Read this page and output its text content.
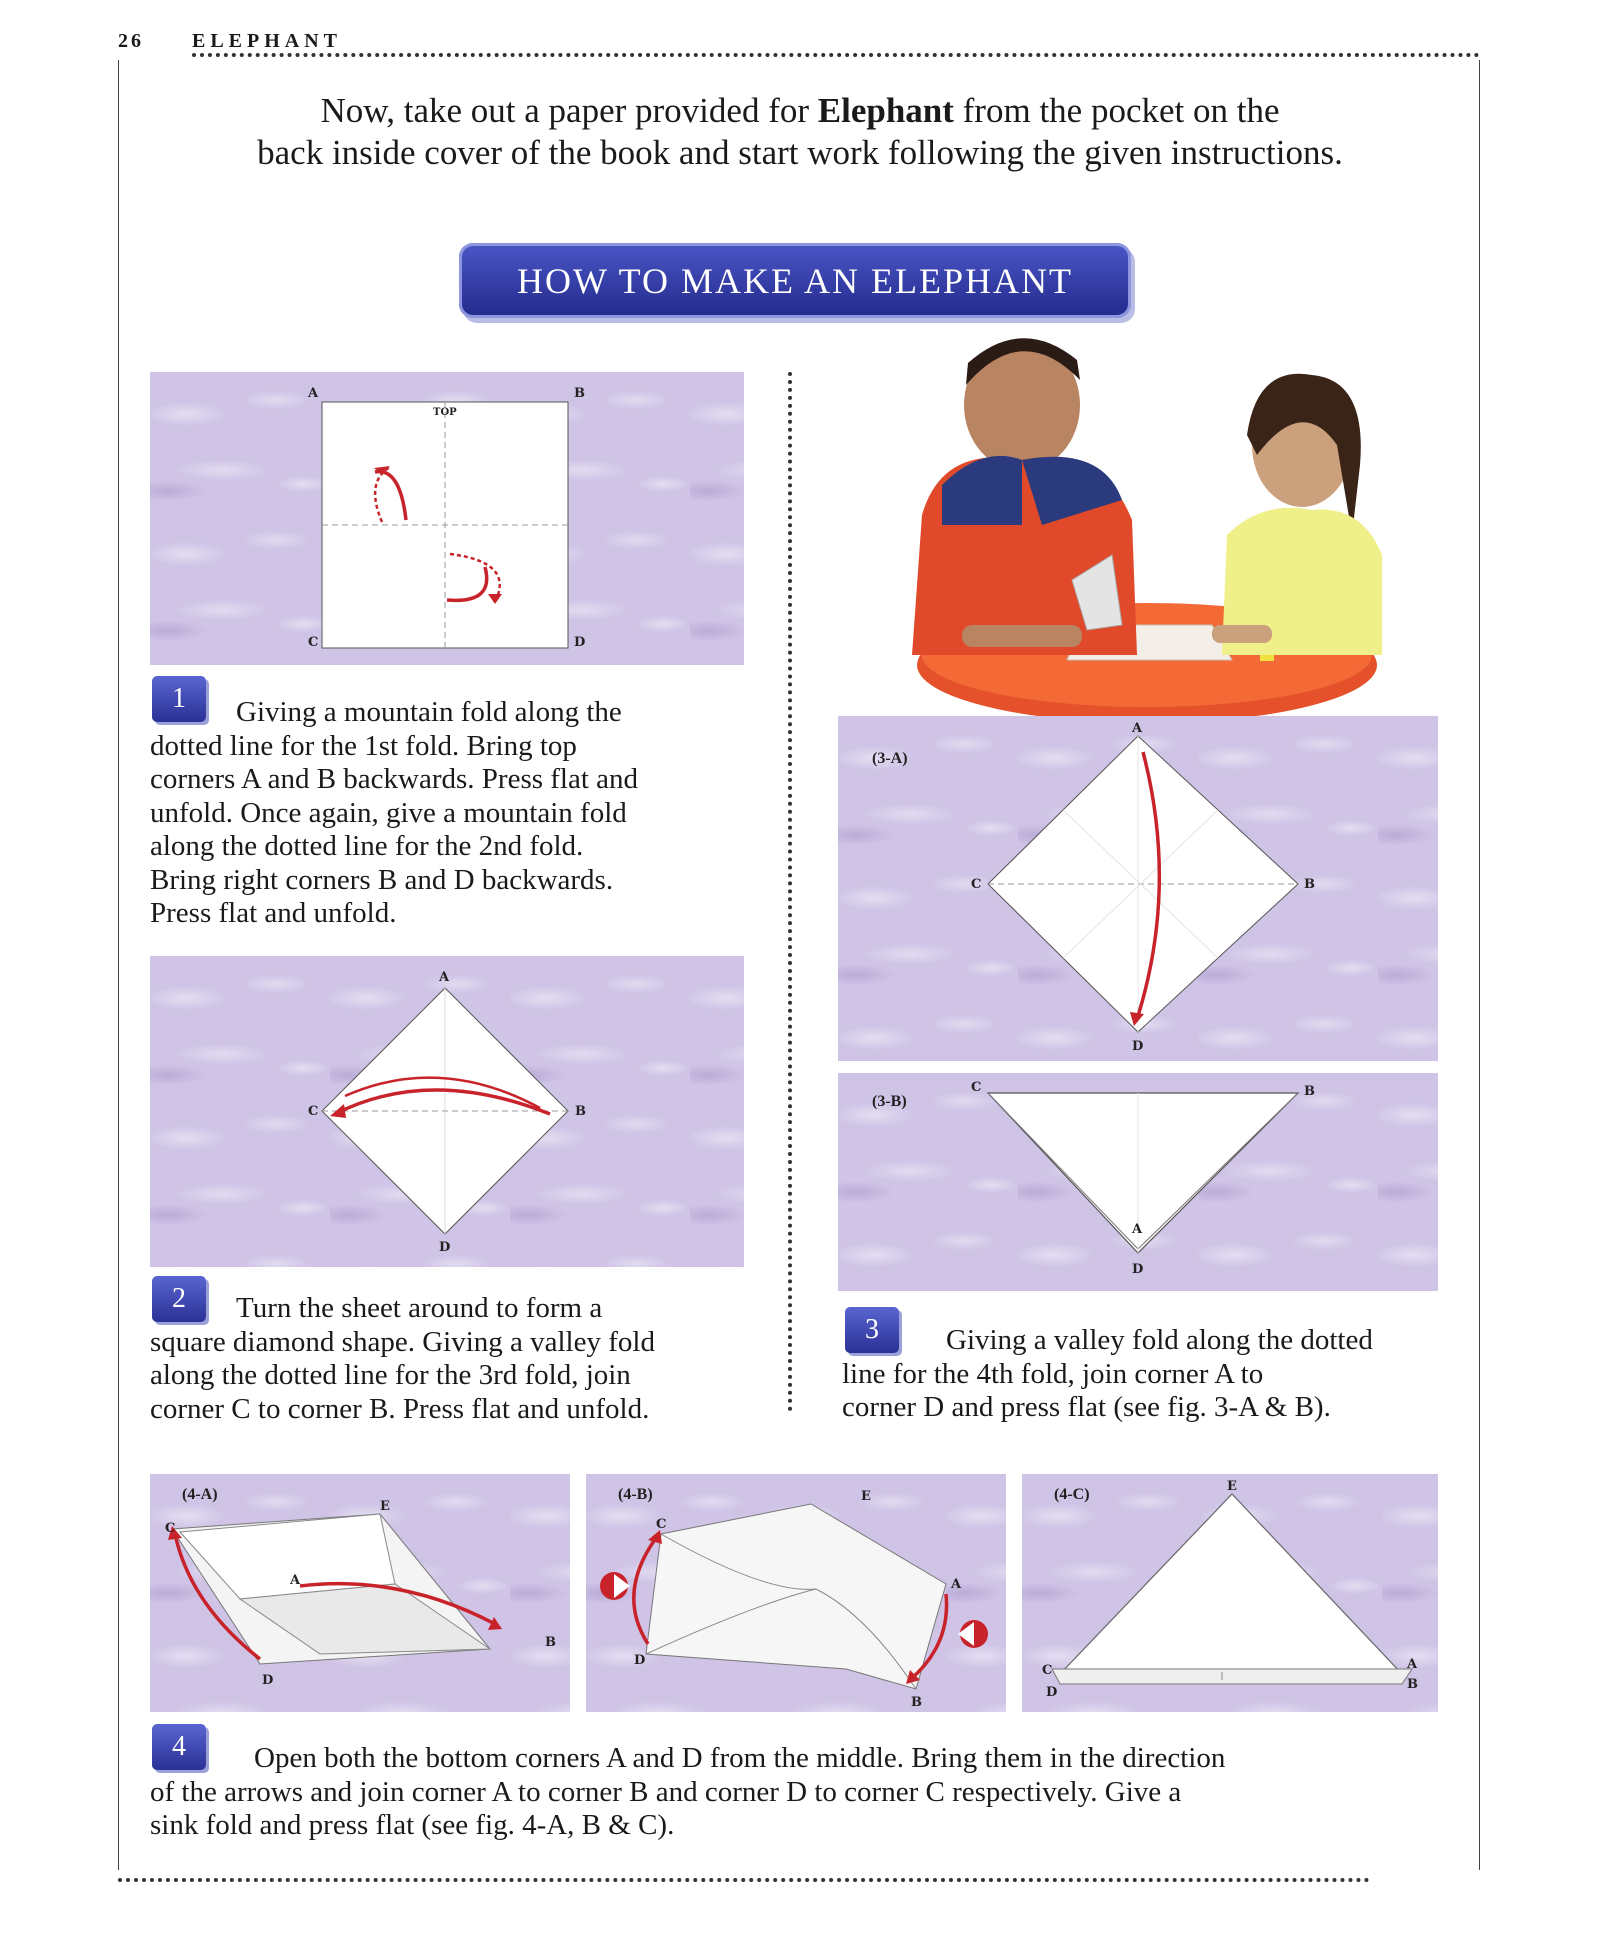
26 ELEPHANT
Now, take out a paper provided for Elephant from the pocket on the
back inside cover of the book and start work following the given instructions.
HOW TO MAKE AN ELEPHANT
A	B
C	D
TOP
1	Giving a mountain fold along the
dotted line for the 1st fold. Bring top
corners A and B backwards. Press flat and
unfold. Once again, give a mountain fold
along the dotted line for the 2nd fold.
Bring right corners B and D backwards.
Press flat and unfold.
A
B
C
D
2	Turn the sheet around to form a
square diamond shape. Giving a valley fold
along the dotted line for the 3rd fold, join
corner C to corner B. Press flat and unfold.
A
B
C
D
(3-A)
C	B
A
D
(3-B)
3	Giving a valley fold along the dotted
line for the 4th fold, join corner A to
corner D and press flat (see fig. 3-A & B).
C
E
A
B
D
(4-A)	E
C
A
D
B
(4-B)	E
C
D
A
B
(4-C)
4	Open both the bottom corners A and D from the middle. Bring them in the direction
of the arrows and join corner A to corner B and corner D to corner C respectively. Give a
sink fold and press flat (see fig. 4-A, B & C).
